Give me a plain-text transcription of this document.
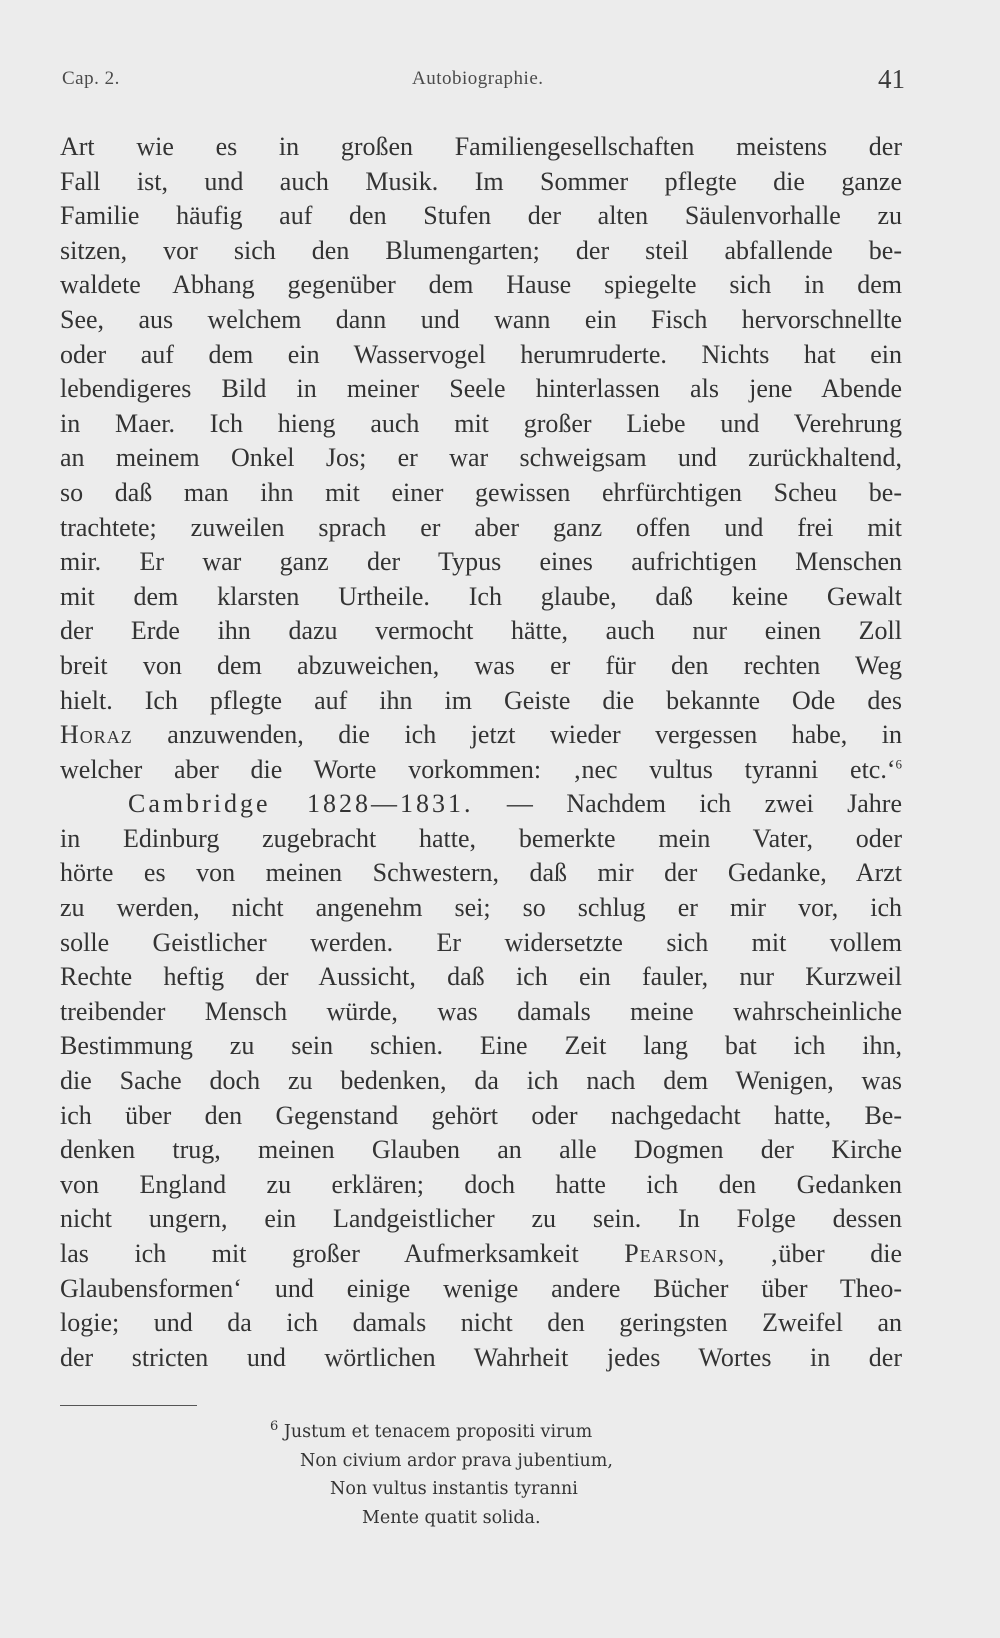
Cap. 2.	Autobiographie.	41
Art wie es in großen Familiengesellschaften meistens der
Fall ist, und auch Musik. Im Sommer pflegte die ganze
Familie häufig auf den Stufen der alten Säulenvorhalle zu
sitzen, vor sich den Blumengarten; der steil abfallende be-
waldete Abhang gegenüber dem Hause spiegelte sich in dem
See, aus welchem dann und wann ein Fisch hervorschnellte
oder auf dem ein Wasservogel herumruderte. Nichts hat ein
lebendigeres Bild in meiner Seele hinterlassen als jene Abende
in Maer. Ich hieng auch mit großer Liebe und Verehrung
an meinem Onkel Jos; er war schweigsam und zurückhaltend,
so daß man ihn mit einer gewissen ehrfürchtigen Scheu be-
trachtete; zuweilen sprach er aber ganz offen und frei mit
mir. Er war ganz der Typus eines aufrichtigen Menschen
mit dem klarsten Urtheile. Ich glaube, daß keine Gewalt
der Erde ihn dazu vermocht hätte, auch nur einen Zoll
breit von dem abzuweichen, was er für den rechten Weg
hielt. Ich pflegte auf ihn im Geiste die bekannte Ode des
Horaz anzuwenden, die ich jetzt wieder vergessen habe, in
welcher aber die Worte vorkommen: ‚nec vultus tyranni etc.‘$^6$
Cambridge 1828—1831. — Nachdem ich zwei Jahre
in Edinburg zugebracht hatte, bemerkte mein Vater, oder
hörte es von meinen Schwestern, daß mir der Gedanke, Arzt
zu werden, nicht angenehm sei; so schlug er mir vor, ich
solle Geistlicher werden. Er widersetzte sich mit vollem
Rechte heftig der Aussicht, daß ich ein fauler, nur Kurzweil
treibender Mensch würde, was damals meine wahrscheinliche
Bestimmung zu sein schien. Eine Zeit lang bat ich ihn,
die Sache doch zu bedenken, da ich nach dem Wenigen, was
ich über den Gegenstand gehört oder nachgedacht hatte, Be-
denken trug, meinen Glauben an alle Dogmen der Kirche
von England zu erklären; doch hatte ich den Gedanken
nicht ungern, ein Landgeistlicher zu sein. In Folge dessen
las ich mit großer Aufmerksamkeit Pearson, ‚über die
Glaubensformen‘ und einige wenige andere Bücher über Theo-
logie; und da ich damals nicht den geringsten Zweifel an
der stricten und wörtlichen Wahrheit jedes Wortes in der
$^6$ Justum et tenacem propositi virum
Non civium ardor prava jubentium,
Non vultus instantis tyranni
Mente quatit solida.
